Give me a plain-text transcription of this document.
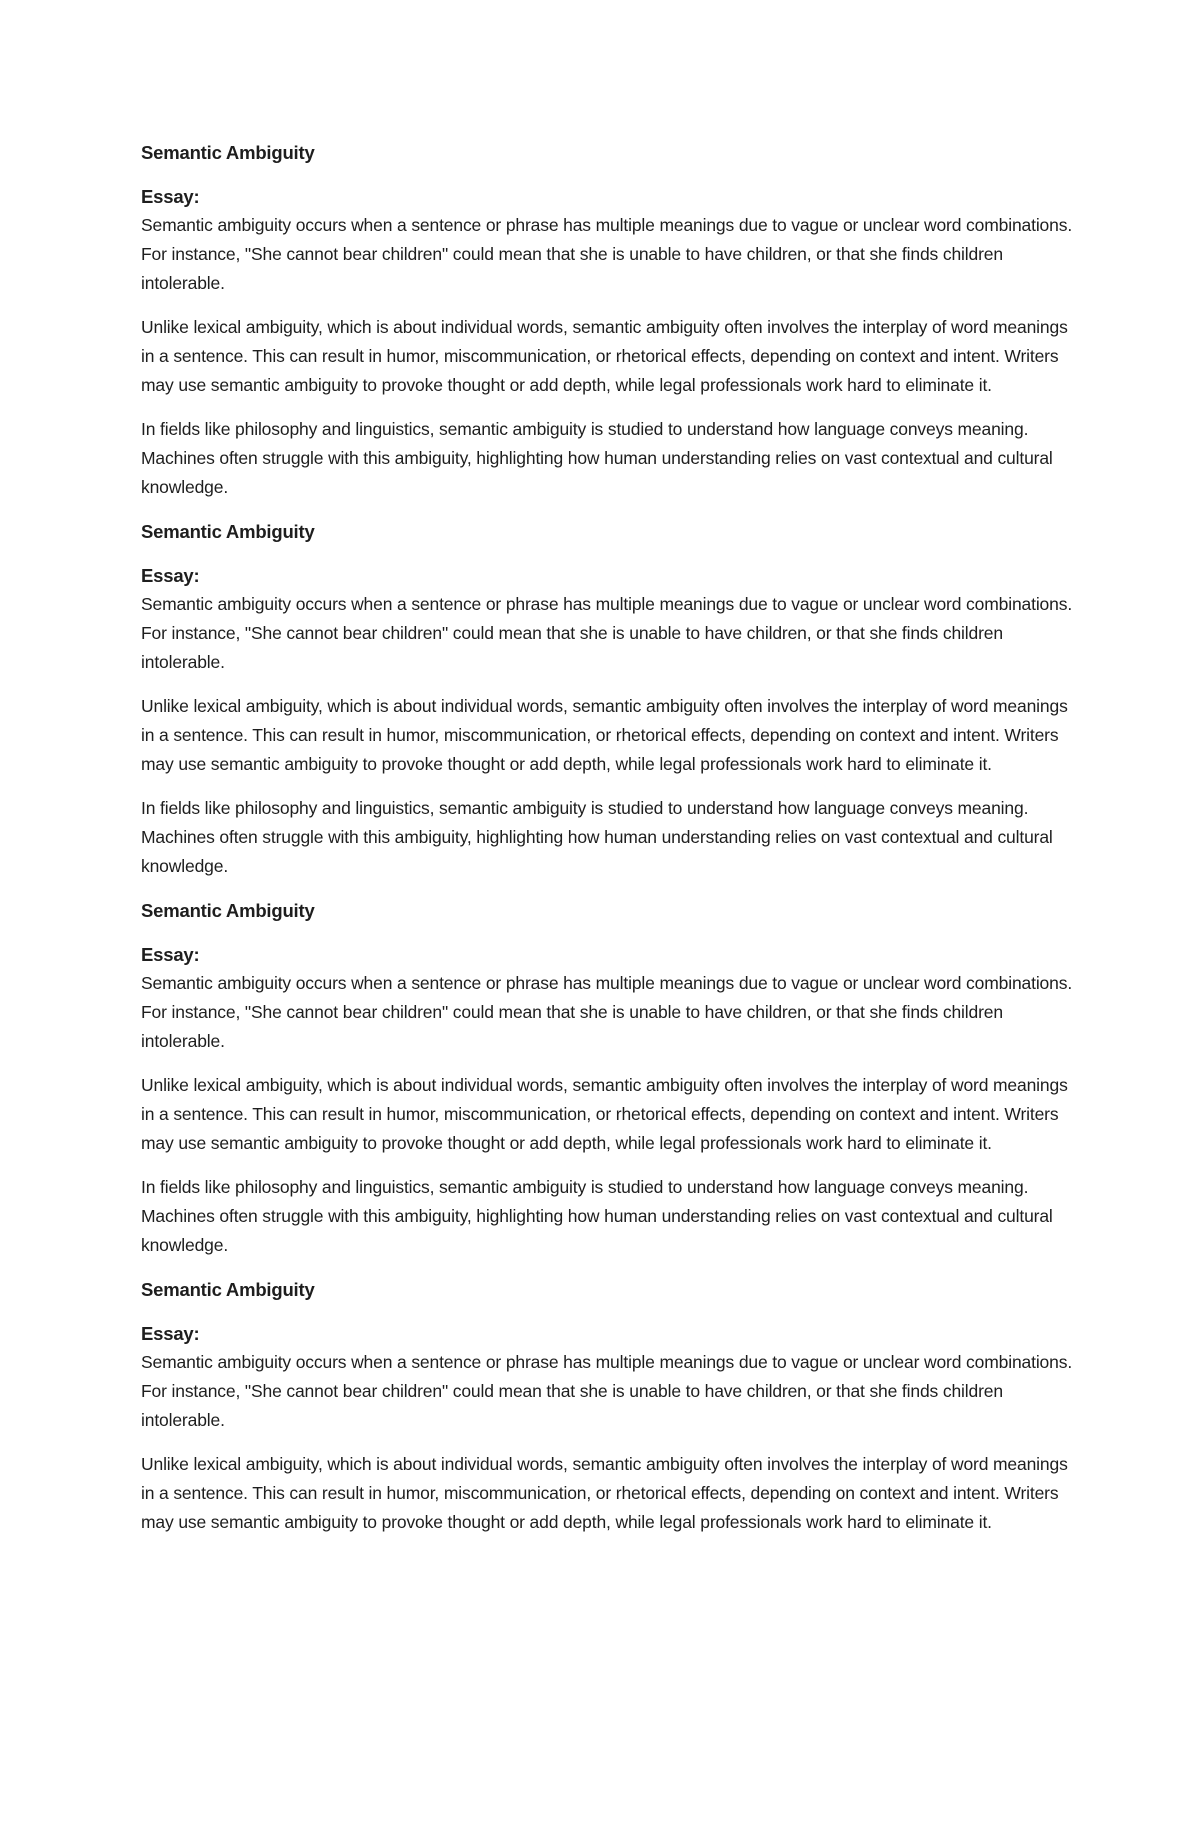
Semantic Ambiguity
Essay:

Semantic ambiguity occurs when a sentence or phrase has multiple meanings due to vague or unclear word combinations. For instance, "She cannot bear children" could mean that she is unable to have children, or that she finds children intolerable.

Unlike lexical ambiguity, which is about individual words, semantic ambiguity often involves the interplay of word meanings in a sentence. This can result in humor, miscommunication, or rhetorical effects, depending on context and intent. Writers may use semantic ambiguity to provoke thought or add depth, while legal professionals work hard to eliminate it.

In fields like philosophy and linguistics, semantic ambiguity is studied to understand how language conveys meaning. Machines often struggle with this ambiguity, highlighting how human understanding relies on vast contextual and cultural knowledge.

Semantic Ambiguity
Essay:

Semantic ambiguity occurs when a sentence or phrase has multiple meanings due to vague or unclear word combinations. For instance, "She cannot bear children" could mean that she is unable to have children, or that she finds children intolerable.

Unlike lexical ambiguity, which is about individual words, semantic ambiguity often involves the interplay of word meanings in a sentence. This can result in humor, miscommunication, or rhetorical effects, depending on context and intent. Writers may use semantic ambiguity to provoke thought or add depth, while legal professionals work hard to eliminate it.

In fields like philosophy and linguistics, semantic ambiguity is studied to understand how language conveys meaning. Machines often struggle with this ambiguity, highlighting how human understanding relies on vast contextual and cultural knowledge.

Semantic Ambiguity
Essay:

Semantic ambiguity occurs when a sentence or phrase has multiple meanings due to vague or unclear word combinations. For instance, "She cannot bear children" could mean that she is unable to have children, or that she finds children intolerable.

Unlike lexical ambiguity, which is about individual words, semantic ambiguity often involves the interplay of word meanings in a sentence. This can result in humor, miscommunication, or rhetorical effects, depending on context and intent. Writers may use semantic ambiguity to provoke thought or add depth, while legal professionals work hard to eliminate it.

In fields like philosophy and linguistics, semantic ambiguity is studied to understand how language conveys meaning. Machines often struggle with this ambiguity, highlighting how human understanding relies on vast contextual and cultural knowledge.

Semantic Ambiguity
Essay:

Semantic ambiguity occurs when a sentence or phrase has multiple meanings due to vague or unclear word combinations. For instance, "She cannot bear children" could mean that she is unable to have children, or that she finds children intolerable.

Unlike lexical ambiguity, which is about individual words, semantic ambiguity often involves the interplay of word meanings in a sentence. This can result in humor, miscommunication, or rhetorical effects, depending on context and intent. Writers may use semantic ambiguity to provoke thought or add depth, while legal professionals work hard to eliminate it.
